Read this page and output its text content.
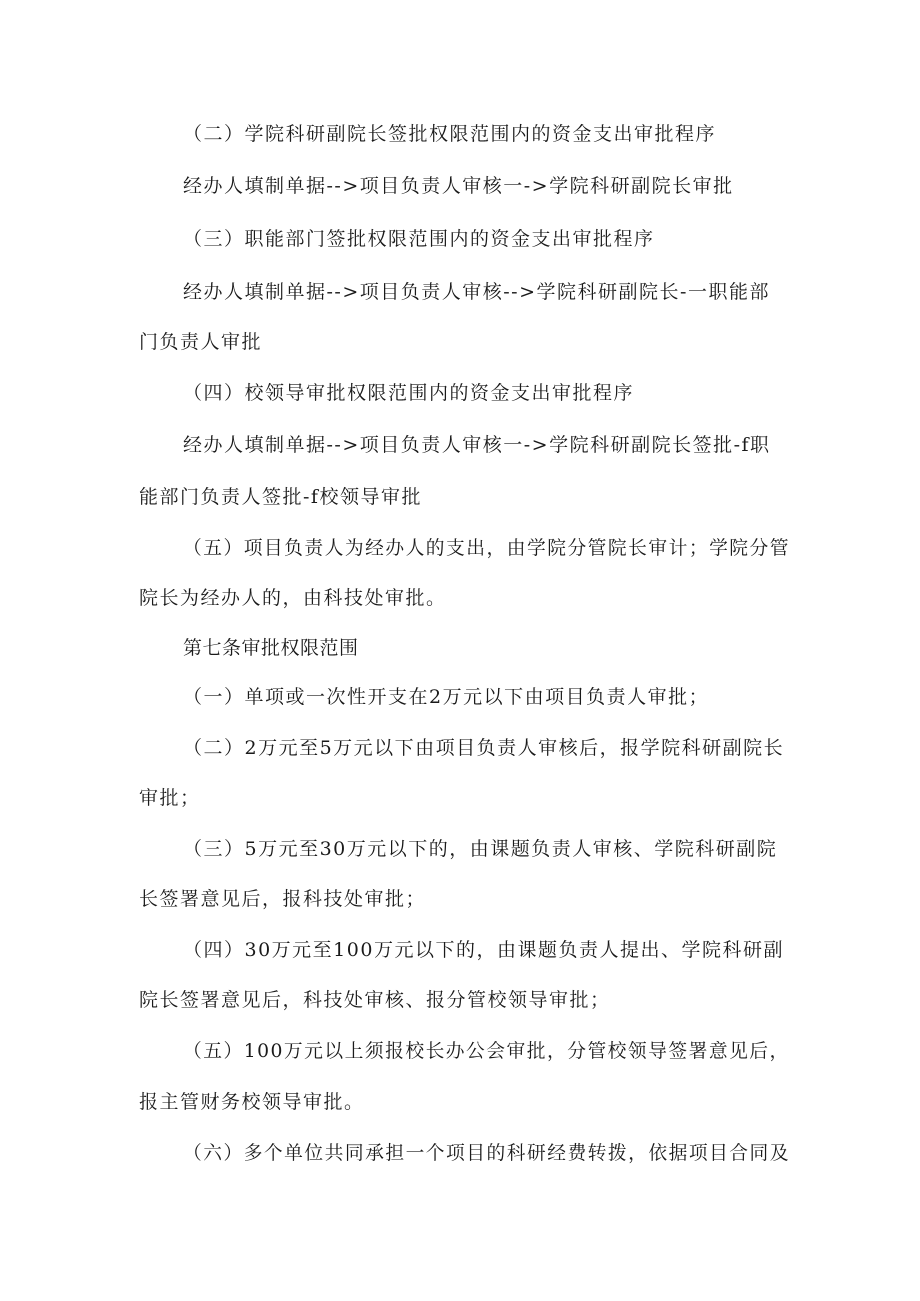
（二）学院科研副院长签批权限范围内的资金支出审批程序
经办人填制单据-->项目负责人审核一->学院科研副院长审批
（三）职能部门签批权限范围内的资金支出审批程序
经办人填制单据-->项目负责人审核-->学院科研副院长-一职能部
门负责人审批
（四）校领导审批权限范围内的资金支出审批程序
经办人填制单据-->项目负责人审核一->学院科研副院长签批-f职
能部门负责人签批-f校领导审批
（五）项目负责人为经办人的支出，由学院分管院长审计；学院分管
院长为经办人的，由科技处审批。
第七条审批权限范围
（一）单项或一次性开支在2万元以下由项目负责人审批；
（二）2万元至5万元以下由项目负责人审核后，报学院科研副院长
审批；
（三）5万元至30万元以下的，由课题负责人审核、学院科研副院
长签署意见后，报科技处审批；
（四）30万元至100万元以下的，由课题负责人提出、学院科研副
院长签署意见后，科技处审核、报分管校领导审批；
（五）100万元以上须报校长办公会审批，分管校领导签署意见后，
报主管财务校领导审批。
（六）多个单位共同承担一个项目的科研经费转拨，依据项目合同及
